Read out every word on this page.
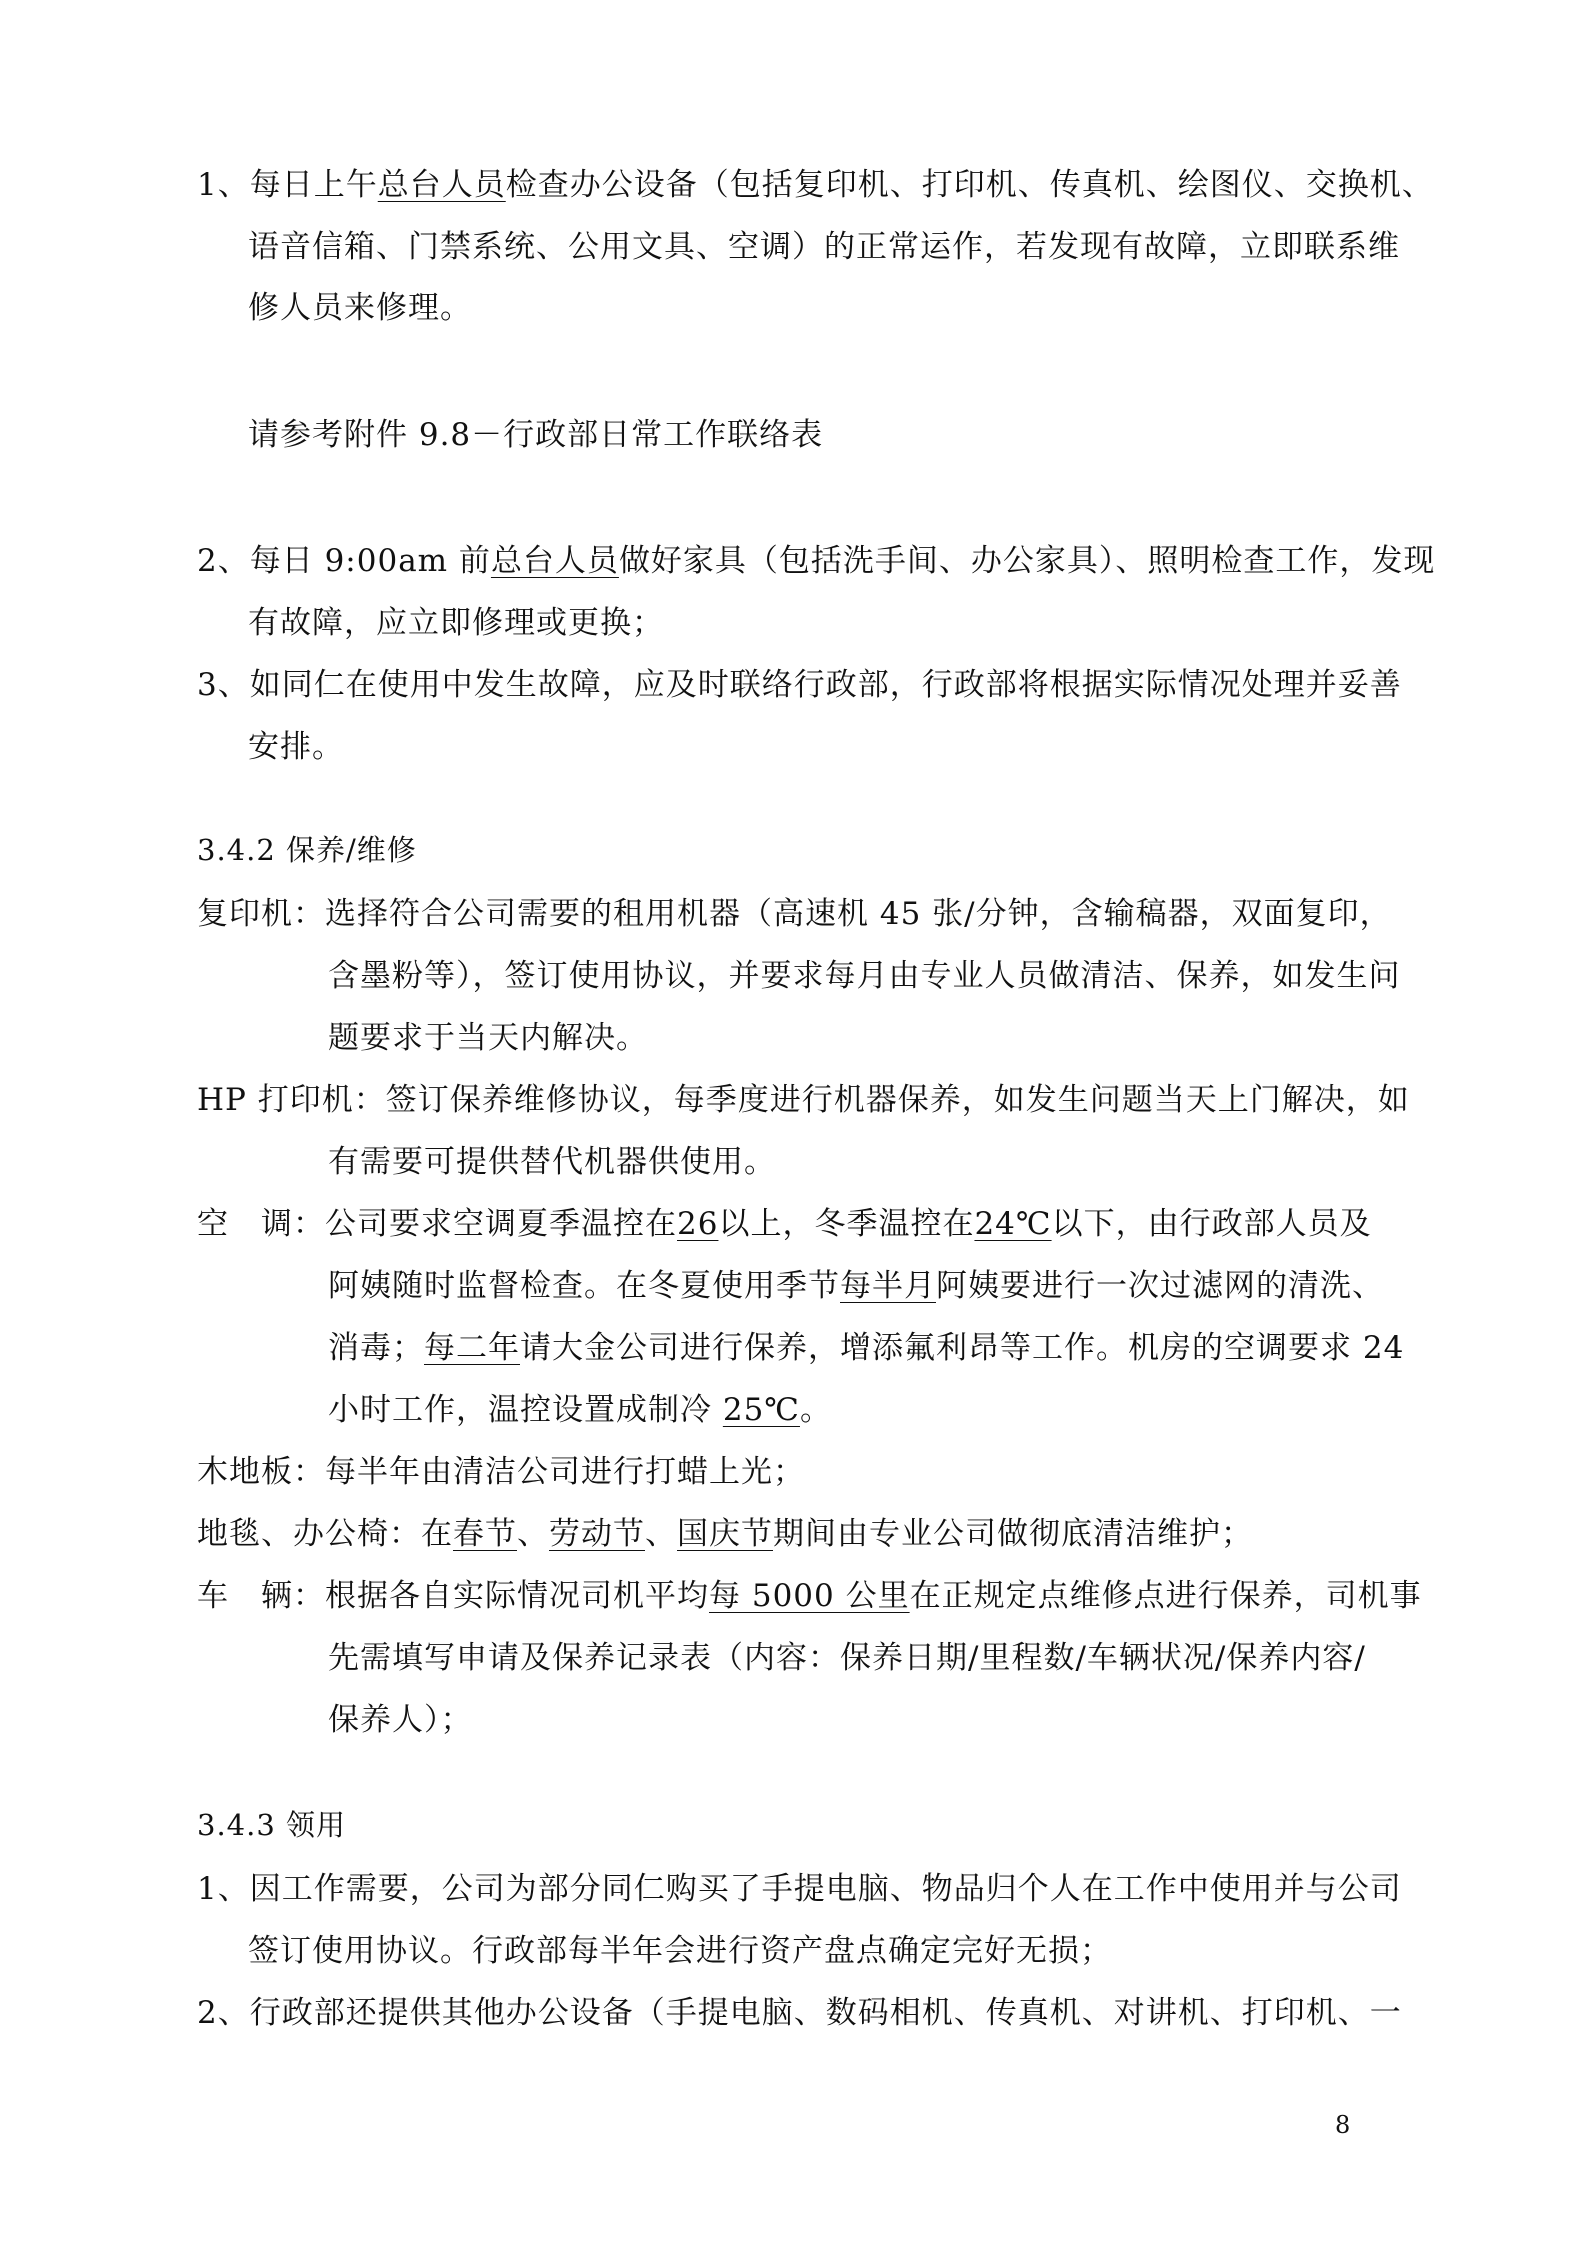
1、每日上午总台人员检查办公设备（包括复印机、打印机、传真机、绘图仪、交换机、
语音信箱、门禁系统、公用文具、空调）的正常运作，若发现有故障，立即联系维
修人员来修理。
请参考附件 9.8－行政部日常工作联络表
2、每日 9:00am 前总台人员做好家具（包括洗手间、办公家具）、照明检查工作，发现
有故障，应立即修理或更换；
3、如同仁在使用中发生故障，应及时联络行政部，行政部将根据实际情况处理并妥善
安排。
3.4.2 保养/维修
复印机：选择符合公司需要的租用机器（高速机 45 张/分钟，含输稿器，双面复印，
含墨粉等），签订使用协议，并要求每月由专业人员做清洁、保养，如发生问
题要求于当天内解决。
HP 打印机：签订保养维修协议，每季度进行机器保养，如发生问题当天上门解决，如
有需要可提供替代机器供使用。
空　调：公司要求空调夏季温控在26以上，冬季温控在24℃以下，由行政部人员及
阿姨随时监督检查。在冬夏使用季节每半月阿姨要进行一次过滤网的清洗、
消毒；每二年请大金公司进行保养，增添氟利昂等工作。机房的空调要求 24
小时工作，温控设置成制冷 25℃。
木地板：每半年由清洁公司进行打蜡上光；
地毯、办公椅：在春节、劳动节、国庆节期间由专业公司做彻底清洁维护；
车　辆：根据各自实际情况司机平均每 5000 公里在正规定点维修点进行保养，司机事
先需填写申请及保养记录表（内容：保养日期/里程数/车辆状况/保养内容/
保养人）；
3.4.3 领用
1、因工作需要，公司为部分同仁购买了手提电脑、物品归个人在工作中使用并与公司
签订使用协议。行政部每半年会进行资产盘点确定完好无损；
2、行政部还提供其他办公设备（手提电脑、数码相机、传真机、对讲机、打印机、一
8
